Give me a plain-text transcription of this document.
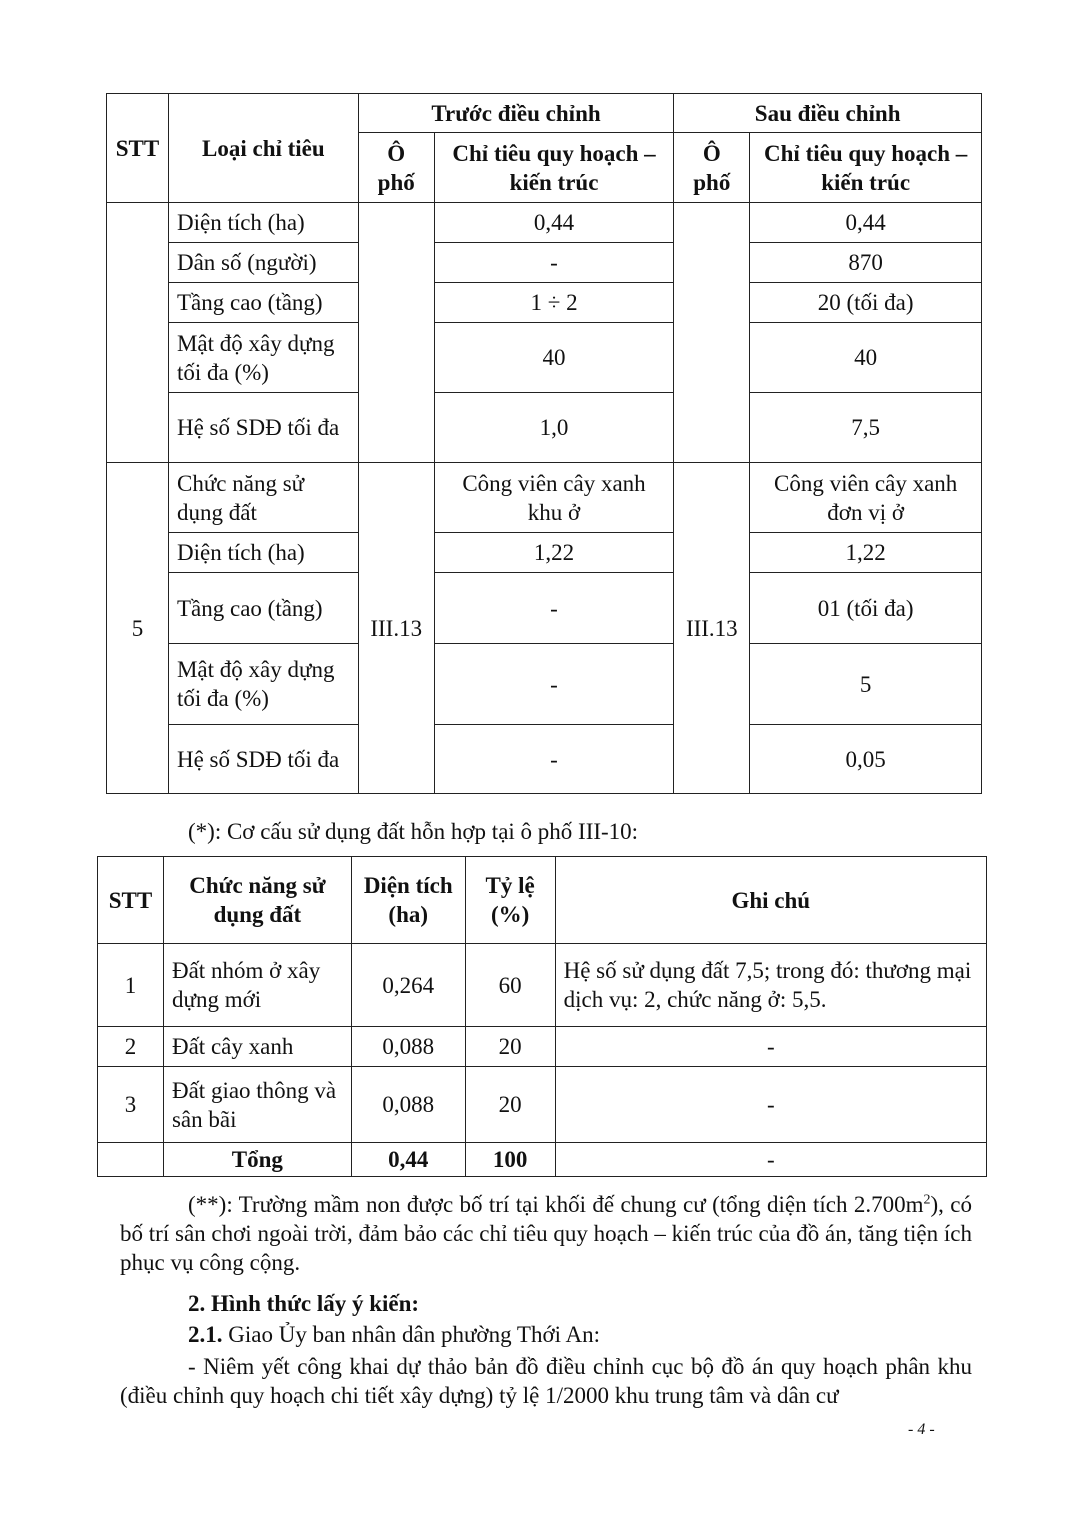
STT	Loại chỉ tiêu	Trước điều chỉnh		Sau điều chỉnh	
		Ô phố	Chỉ tiêu quy hoạch – kiến trúc	Ô phố	Chỉ tiêu quy hoạch – kiến trúc
	Diện tích (ha)		0,44		0,44
	Dân số (người)		-		870
	Tầng cao (tầng)		1 ÷ 2		20 (tối đa)
	Mật độ xây dựng tối đa (%)		40		40
	Hệ số SDĐ tối đa		1,0		7,5
5	Chức năng sử dụng đất	III.13	Công viên cây xanh khu ở	III.13	Công viên cây xanh đơn vị ở
	Diện tích (ha)		1,22		1,22
	Tầng cao (tầng)		-		01 (tối đa)
	Mật độ xây dựng tối đa (%)		-		5
	Hệ số SDĐ tối đa		-		0,05

(*): Cơ cấu sử dụng đất hỗn hợp tại ô phố III-10:

STT	Chức năng sử dụng đất	Diện tích (ha)	Tỷ lệ (%)	Ghi chú
1	Đất nhóm ở xây dựng mới	0,264	60	Hệ số sử dụng đất 7,5; trong đó: thương mại dịch vụ: 2, chức năng ở: 5,5.
2	Đất cây xanh	0,088	20	-
3	Đất giao thông và sân bãi	0,088	20	-
	Tổng	0,44	100	-

(**): Trường mầm non được bố trí tại khối đế chung cư (tổng diện tích $2.700m^2$), có bố trí sân chơi ngoài trời, đảm bảo các chỉ tiêu quy hoạch – kiến trúc của đồ án, tăng tiện ích phục vụ công cộng.

2. Hình thức lấy ý kiến:

2.1. Giao Ủy ban nhân dân phường Thới An:

- Niêm yết công khai dự thảo bản đồ điều chỉnh cục bộ đồ án quy hoạch phân khu (điều chỉnh quy hoạch chi tiết xây dựng) tỷ lệ 1/2000 khu trung tâm và dân cư

- 4 -
